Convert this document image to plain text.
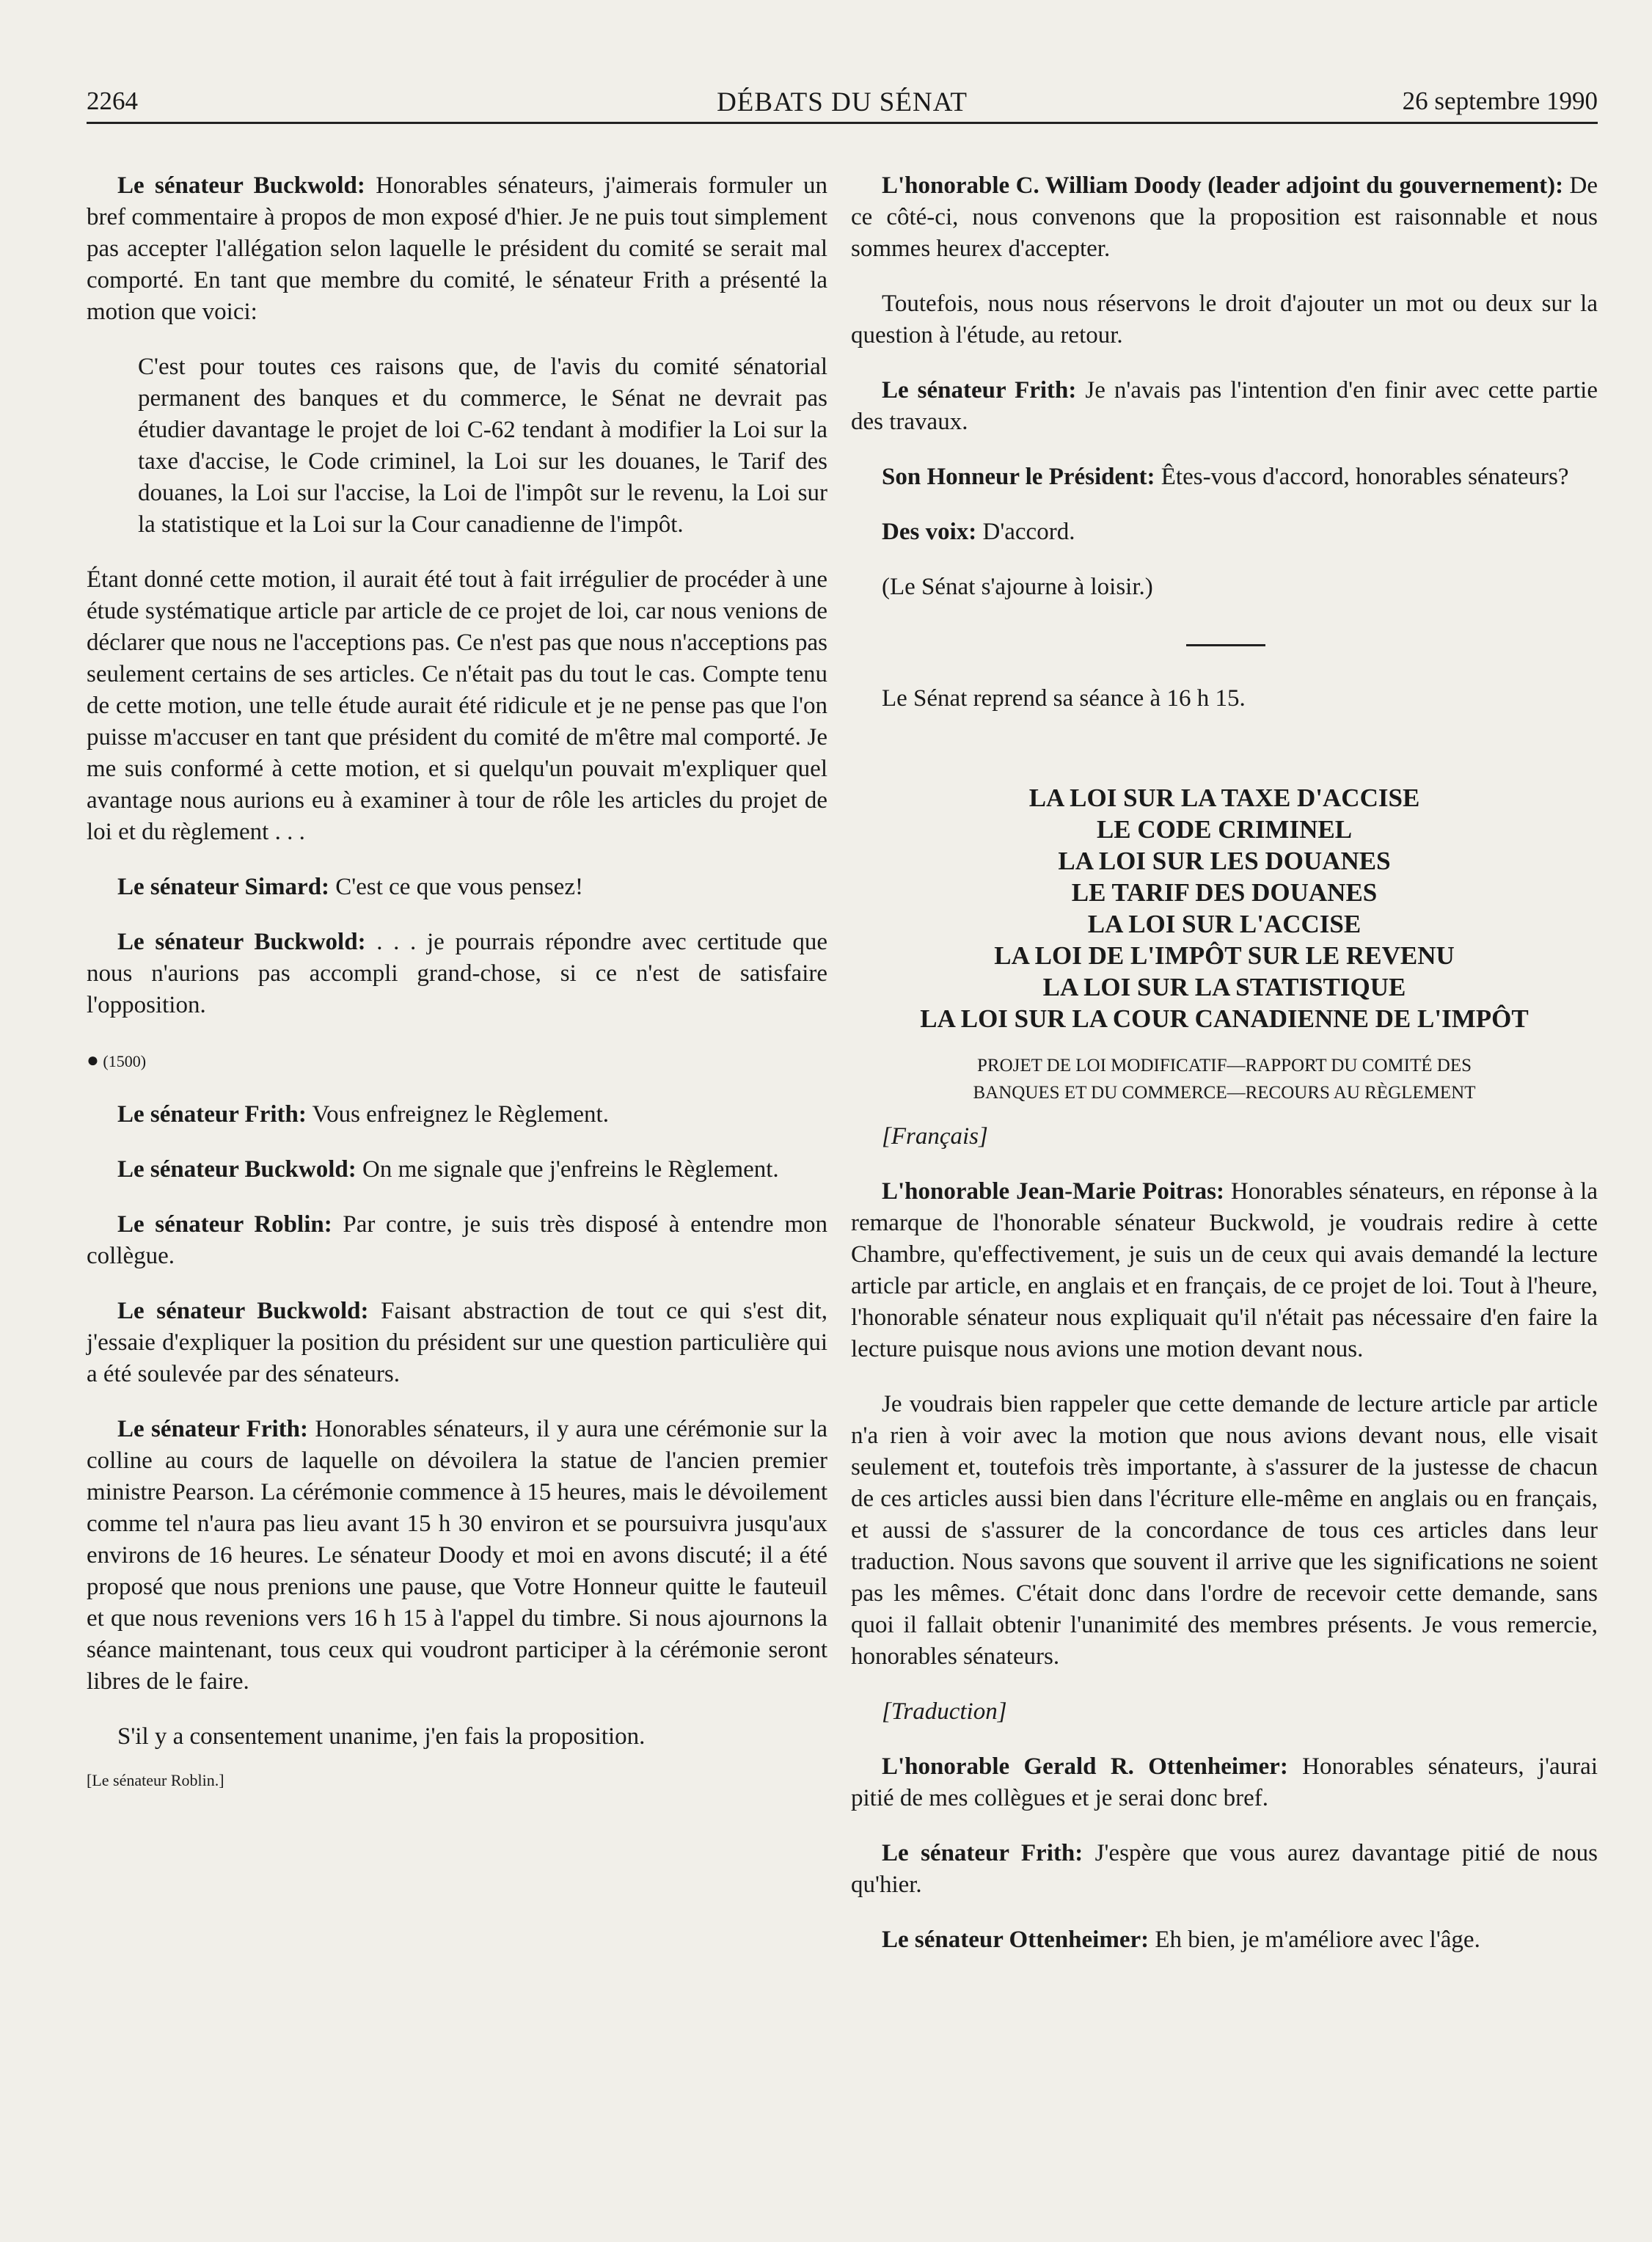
2264	DÉBATS DU SÉNAT	26 septembre 1990

Le sénateur Buckwold: Honorables sénateurs, j'aimerais formuler un bref commentaire à propos de mon exposé d'hier. Je ne puis tout simplement pas accepter l'allégation selon laquelle le président du comité se serait mal comporté. En tant que membre du comité, le sénateur Frith a présenté la motion que voici:

C'est pour toutes ces raisons que, de l'avis du comité sénatorial permanent des banques et du commerce, le Sénat ne devrait pas étudier davantage le projet de loi C-62 tendant à modifier la Loi sur la taxe d'accise, le Code criminel, la Loi sur les douanes, le Tarif des douanes, la Loi sur l'accise, la Loi de l'impôt sur le revenu, la Loi sur la statistique et la Loi sur la Cour canadienne de l'impôt.

Étant donné cette motion, il aurait été tout à fait irrégulier de procéder à une étude systématique article par article de ce projet de loi, car nous venions de déclarer que nous ne l'acceptions pas. Ce n'est pas que nous n'acceptions pas seulement certains de ses articles. Ce n'était pas du tout le cas. Compte tenu de cette motion, une telle étude aurait été ridicule et je ne pense pas que l'on puisse m'accuser en tant que président du comité de m'être mal comporté. Je me suis conformé à cette motion, et si quelqu'un pouvait m'expliquer quel avantage nous aurions eu à examiner à tour de rôle les articles du projet de loi et du règlement . . .

Le sénateur Simard: C'est ce que vous pensez!

Le sénateur Buckwold: . . . je pourrais répondre avec certitude que nous n'aurions pas accompli grand-chose, si ce n'est de satisfaire l'opposition.

● (1500)

Le sénateur Frith: Vous enfreignez le Règlement.

Le sénateur Buckwold: On me signale que j'enfreins le Règlement.

Le sénateur Roblin: Par contre, je suis très disposé à entendre mon collègue.

Le sénateur Buckwold: Faisant abstraction de tout ce qui s'est dit, j'essaie d'expliquer la position du président sur une question particulière qui a été soulevée par des sénateurs.

Le sénateur Frith: Honorables sénateurs, il y aura une cérémonie sur la colline au cours de laquelle on dévoilera la statue de l'ancien premier ministre Pearson. La cérémonie commence à 15 heures, mais le dévoilement comme tel n'aura pas lieu avant 15 h 30 environ et se poursuivra jusqu'aux environs de 16 heures. Le sénateur Doody et moi en avons discuté; il a été proposé que nous prenions une pause, que Votre Honneur quitte le fauteuil et que nous revenions vers 16 h 15 à l'appel du timbre. Si nous ajournons la séance maintenant, tous ceux qui voudront participer à la cérémonie seront libres de le faire.

S'il y a consentement unanime, j'en fais la proposition.

[Le sénateur Roblin.]

L'honorable C. William Doody (leader adjoint du gouvernement): De ce côté-ci, nous convenons que la proposition est raisonnable et nous sommes heurex d'accepter.

Toutefois, nous nous réservons le droit d'ajouter un mot ou deux sur la question à l'étude, au retour.

Le sénateur Frith: Je n'avais pas l'intention d'en finir avec cette partie des travaux.

Son Honneur le Président: Êtes-vous d'accord, honorables sénateurs?

Des voix: D'accord.

(Le Sénat s'ajourne à loisir.)

Le Sénat reprend sa séance à 16 h 15.

LA LOI SUR LA TAXE D'ACCISE
LE CODE CRIMINEL
LA LOI SUR LES DOUANES
LE TARIF DES DOUANES
LA LOI SUR L'ACCISE
LA LOI DE L'IMPÔT SUR LE REVENU
LA LOI SUR LA STATISTIQUE
LA LOI SUR LA COUR CANADIENNE DE L'IMPÔT
PROJET DE LOI MODIFICATIF—RAPPORT DU COMITÉ DES
BANQUES ET DU COMMERCE—RECOURS AU RÈGLEMENT

[Français]

L'honorable Jean-Marie Poitras: Honorables sénateurs, en réponse à la remarque de l'honorable sénateur Buckwold, je voudrais redire à cette Chambre, qu'effectivement, je suis un de ceux qui avais demandé la lecture article par article, en anglais et en français, de ce projet de loi. Tout à l'heure, l'honorable sénateur nous expliquait qu'il n'était pas nécessaire d'en faire la lecture puisque nous avions une motion devant nous.

Je voudrais bien rappeler que cette demande de lecture article par article n'a rien à voir avec la motion que nous avions devant nous, elle visait seulement et, toutefois très importante, à s'assurer de la justesse de chacun de ces articles aussi bien dans l'écriture elle-même en anglais ou en français, et aussi de s'assurer de la concordance de tous ces articles dans leur traduction. Nous savons que souvent il arrive que les significations ne soient pas les mêmes. C'était donc dans l'ordre de recevoir cette demande, sans quoi il fallait obtenir l'unanimité des membres présents. Je vous remercie, honorables sénateurs.

[Traduction]

L'honorable Gerald R. Ottenheimer: Honorables sénateurs, j'aurai pitié de mes collègues et je serai donc bref.

Le sénateur Frith: J'espère que vous aurez davantage pitié de nous qu'hier.

Le sénateur Ottenheimer: Eh bien, je m'améliore avec l'âge.
